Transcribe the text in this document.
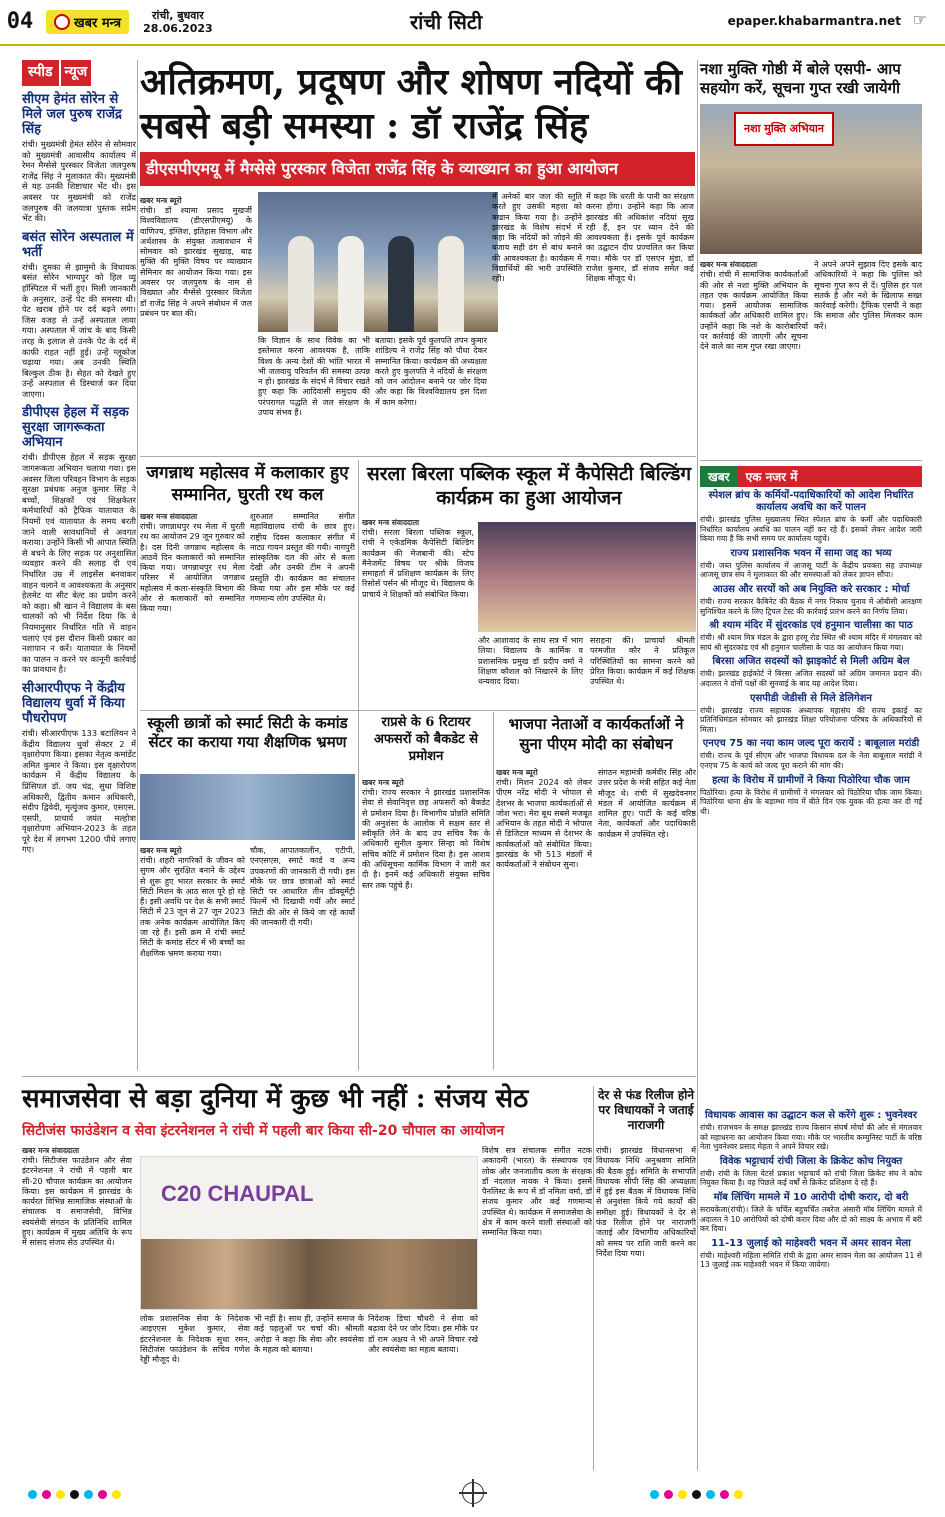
04	खबर मन्त्र
रांची, बुधवार
28.06.2023	रांची सिटी	epaper.khabarmantra.net ☞
स्पीड न्यूज
सीएम हेमंत सोरेन से मिले जल पुरुष राजेंद्र सिंह
रांची। मुख्यमंत्री हेमंत सोरेन से सोमवार को मुख्यमंत्री आवासीय कार्यालय में रेमन मैग्सेसे पुरस्कार विजेता जलपुरुष राजेंद्र सिंह ने मुलाकात की। मुख्यमंत्री से यह उनकी शिष्टाचार भेंट थी। इस अवसर पर मुख्यमंत्री को राजेंद्र जलपुरुष की जलयात्रा पुस्तक सप्रेम भेंट की।
बसंत सोरेन अस्पताल में भर्ती
रांची। दुमका से झामुमो के विधायक बसंत सोरेन भाग्यपुर को हिल व्यू हॉस्पिटल में भर्ती हुए। मिली जानकारी के अनुसार, उन्हें पेट की समस्या थी। पेट खराब होने पर दर्द बढ़ने लगा। जिस वजह से उन्हें अस्पताल लाया गया। अस्पताल में जांच के बाद किसी तरह के इलाज से उनके पेट के दर्द में काफी राहत नहीं हुई। उन्हें ग्लूकोज चढ़ाया गया। अब उनकी स्थिति बिल्कुल ठीक है। सेहत को देखते हुए उन्हें अस्पताल से डिस्चार्ज कर दिया जाएगा।
डीपीएस हेहल में सड़क सुरक्षा जागरूकता अभियान
रांची। डीपीएस हेहल में सड़क सुरक्षा जागरूकता अभियान चलाया गया। इस अवसर जिला परिवहन विभाग के सड़क सुरक्षा प्रबंधक अनुज कुमार सिंह ने बच्चों, शिक्षकों एवं शिक्षकेतर कर्मचारियों को ट्रैफिक यातायात के नियमों एवं यातायात के समय बरती जाने वाली सावधानियों से अवगत कराया। उन्होंने किसी भी आपात स्थिति से बचने के लिए सड़क पर अनुशासित व्यवहार करने की सलाह दी एवं निर्धारित उम्र में लाइसेंस बनवाकर वाहन चलाने व आवश्यकता के अनुसार हेलमेट या सीट बेल्ट का प्रयोग करने को कहा। श्री खान ने विद्यालय के बस चालकों को भी निर्देश दिया कि वे नियमानुसार निर्धारित गति में वाहन चलाएं एवं इस दौरान किसी प्रकार का नशापान न करें। यातायात के नियमों का पालन न करने पर कानूनी कार्रवाई का प्रावधान है।
सीआरपीएफ ने केंद्रीय विद्यालय धुर्वा में किया पौधरोपण
रांची। सीआरपीएफ 133 बटालियन ने केंद्रीय विद्यालय धुर्वा सेक्टर 2 में वृक्षारोपण किया। इसका नेतृत्व कमांडेंट अमित कुमार ने किया। इस वृक्षारोपण कार्यक्रम में केंद्रीय विद्यालय के प्रिंसिपल डॉ. जय चंद्र, सुधा विशिष्ट अधिकारी, द्वितीय कमान अधिकारी, संदीप द्विवेदी, मृत्युंजय कुमार, एसएस. एसपी, प्राचार्य जयंत मल्होत्रा वृक्षारोपण अभियान-2023 के तहत पूरे देश में लगभग 1200 पौधे लगाए गए।
अतिक्रमण, प्रदूषण और शोषण नदियों की सबसे बड़ी समस्या : डॉ राजेंद्र सिंह
डीएसपीएमयू में मैग्सेसे पुरस्कार विजेता राजेंद्र सिंह के व्याख्यान का हुआ आयोजन
खबर मन्त्र ब्यूरो
रांची। डॉ श्यामा प्रसाद मुखर्जी विश्वविद्यालय (डीएसपीएमयू) के वाणिज्य, इंग्लिश, इतिहास विभाग और अर्थशास्त्र के संयुक्त तत्वावधान में सोमवार को झारखंड सुखाड़, बाढ़ मुक्ति की मुक्ति विषय पर व्याख्यान सेमिनार का आयोजन किया गया। इस अवसर पर जलपुरुष के नाम से विख्यात और मैग्सेसे पुरस्कार विजेता डॉ राजेंद्र सिंह ने अपने संबोधन में जल प्रबंधन पर बात की।
कि विज्ञान के साथ विवेक का भी इस्तेमाल करना आवश्यक है, ताकि विश्व के अन्य देशों की भांति भारत में भी जलवायु परिवर्तन की समस्या उत्पन्न न हो। झारखंड के संदर्भ में विचार रखते हुए कहा कि आदिवासी समुदाय की परंपरागत पद्धति से जल संरक्षण के उपाय संभव हैं।
बताया। इसके पूर्व कुलपति तपन कुमार शांडिल्य ने राजेंद्र सिंह को पौधा देकर सम्मानित किया। कार्यक्रम की अध्यक्षता करते हुए कुलपति ने नदियों के संरक्षण को जन आंदोलन बनाने पर जोर दिया और कहा कि विश्वविद्यालय इस दिशा में काम करेगा।
में अनेकों बार जल की स्तुति करते हुए उसकी महत्ता को बखान किया गया है। उन्होंने झारखंड के विशेष संदर्भ में कहा कि नदियों को जोड़ने की बजाय सही ढंग से बांध बनाने की आवश्यकता है। कार्यक्रम में विद्यार्थियों की भारी उपस्थिति रही।
में कहा कि धरती के पानी का संरक्षण करना होगा। उन्होंने कहा कि आज झारखंड की अधिकांश नदियां सूख रही हैं, इन पर ध्यान देने की आवश्यकता है। इसके पूर्व कार्यक्रम का उद्घाटन दीप प्रज्वलित कर किया गया। मौके पर डॉ एसएन मुंडा, डॉ राजेश कुमार, डॉ संजय समेत कई शिक्षक मौजूद थे।
नशा मुक्ति गोष्ठी में बोले एसपी- आप सहयोग करें, सूचना गुप्त रखी जायेगी
नशा मुक्ति अभियान
खबर मन्त्र संवाददाता
रांची। रांची में सामाजिक कार्यकर्ताओं की ओर से नशा मुक्ति अभियान के तहत एक कार्यक्रम आयोजित किया गया। इसमें आयोजक सामाजिक कार्यकर्ता और अधिकारी शामिल हुए। उन्होंने कहा कि नशे के कारोबारियों पर कार्रवाई की जाएगी और सूचना देने वाले का नाम गुप्त रखा जाएगा।
ने अपने अपने सुझाव दिए इसके बाद अधिकारियों ने कहा कि पुलिस को सूचना गुप्त रूप से दें। पुलिस हर पल सतर्क है और नशे के खिलाफ सख्त कार्रवाई करेगी। ट्रैफिक एसपी ने कहा कि समाज और पुलिस मिलकर काम करें।
खबर	एक नजर में
स्पेशल ब्रांच के कर्मियों-पदाधिकारियों को आदेश निर्धारित कार्यालय अवधि का करें पालन
रांची। झारखंड पुलिस मुख्यालय स्थित स्पेशल ब्रांच के कर्मी और पदाधिकारी निर्धारित कार्यालय अवधि का पालन नहीं कर रहे हैं। इसको लेकर आदेश जारी किया गया है कि सभी समय पर कार्यालय पहुंचें।
राज्य प्रशासनिक भवन में सामा जद्द का भव्य
रांची। जब्त पुलिस कार्यालय में आजसू पार्टी के केंद्रीय प्रवक्ता सह उपाध्यक्ष आजसू छात्र संघ ने मुलाकात की और समस्याओं को लेकर ज्ञापन सौंपा।
आउस और सरयों को अब नियुक्ति करे सरकार : मोर्चा
रांची। राज्य सरकार कैबिनेट की बैठक में नगर निकाय चुनाव में ओबीसी आरक्षण सुनिश्चित करने के लिए ट्रिपल टेस्ट की कार्रवाई प्रारंभ करने का निर्णय लिया।
श्री श्याम मंदिर में सुंदरकांड एवं हनुमान चालीसा का पाठ
रांची। श्री श्याम मित्र मंडल के द्वारा हरमू रोड स्थित श्री श्याम मंदिर में मंगलवार को सायं श्री सुंदरकांड एवं श्री हनुमान चालीसा के पाठ का आयोजन किया गया।
बिरसा अजित सदस्यों को झाइकोर्ट से मिली अग्रिम बेल
रांची। झारखंड हाईकोर्ट ने बिरसा अजित सदस्यों को अग्रिम जमानत प्रदान की। अदालत ने दोनों पक्षों की सुनवाई के बाद यह आदेश दिया।
एसपीडी जेडीसी से मिले डेलिगेशन
रांची। झारखंड राज्य सहायक अध्यापक महासंघ की राज्य इकाई का प्रतिनिधिमंडल सोमवार को झारखंड शिक्षा परियोजना परिषद के अधिकारियों से मिला।
एनएच 75 का नया काम जल्द पूरा करायें : बाबूलाल मरांडी
रांची। राज्य के पूर्व सीएम और भाजपा विधायक दल के नेता बाबूलाल मरांडी ने एनएच 75 के कार्य को जल्द पूरा कराने की मांग की।
हत्या के विरोध में ग्रामीणों ने किया पिठोरिया चौक जाम
पिठोरिया। हत्या के विरोध में ग्रामीणों ने मंगलवार को पिठोरिया चौक जाम किया। पिठोरिया थाना क्षेत्र के बड़ाम्भा गांव में बीते दिन एक युवक की हत्या कर दी गई थी।
जगन्नाथ महोत्सव में कलाकार हुए सम्मानित, घुरती रथ कल
खबर मन्त्र संवाददाता
रांची। जगन्नाथपुर रथ मेला में घुरती रथ का आयोजन 29 जून गुरुवार को है। दस दिनी जगन्नाथ महोत्सव के आठवें दिन कलाकारों को सम्मानित किया गया। जगन्नाथपुर रथ मेला परिसर में आयोजित जगन्नाथ महोत्सव में कला-संस्कृति विभाग की ओर से कलाकारों को सम्मानित किया गया।
शुरुआत सम्मानित संगीत महाविद्यालय रांची के छात्र हुए। राष्ट्रीय दिवस कलाकार संगीत में नाट्य गायन प्रस्तुत की गयी। नागपुरी सांस्कृतिक दल की ओर से कला देखी और उनकी टीम ने अपनी प्रस्तुति दी। कार्यक्रम का संचालन किया गया और इस मौके पर कई गणमान्य लोग उपस्थित थे।
सरला बिरला पब्लिक स्कूल में कैपेसिटी बिल्डिंग कार्यक्रम का हुआ आयोजन
खबर मन्त्र संवाददाता
रांची। सरला बिरला पब्लिक स्कूल, रांची ने एकेडमिक कैपेसिटी बिल्डिंग कार्यक्रम की मेजबानी की। स्टेप मैनेजमेंट विषय पर श्रीके विजय समाहर्ता में प्रशिक्षण कार्यक्रम के लिए रिसोर्स पर्सन श्री मौजूद थे। विद्यालय के प्राचार्य ने शिक्षकों को संबोधित किया।
और आशावाद के साथ सत्र में भाग लिया। विद्यालय के कार्मिक व प्रशासनिक प्रमुख डॉ प्रदीप वर्मा ने शिक्षण कौशल को निखारने के लिए धन्यवाद दिया।
सराहना की। प्राचार्या श्रीमती परमजीत कौर ने प्रतिकूल परिस्थितियों का सामना करने को प्रेरित किया। कार्यक्रम में कई शिक्षक उपस्थित थे।
स्कूली छात्रों को स्मार्ट सिटी के कमांड सेंटर का कराया गया शैक्षणिक भ्रमण
खबर मन्त्र ब्यूरो
रांची। शहरी नागरिकों के जीवन को सुगम और सुरक्षित बनाने के उद्देश्य से शुरू हुए भारत सरकार के स्मार्ट सिटी मिशन के आठ साल पूरे हो रहे हैं। इसी अवधि पर देश के सभी स्मार्ट सिटी में 23 जून से 27 जून 2023 तक अनेक कार्यक्रम आयोजित किए जा रहे हैं। इसी क्रम में रांची स्मार्ट सिटी के कमांड सेंटर में भी बच्चों का शैक्षणिक भ्रमण कराया गया।
चौक, आपातकालीन, एटीपी, एनएसएस, स्मार्ट कार्ड व अन्य उपकरणों की जानकारी दी गयी। इस मौके पर छात्र छात्राओं को स्मार्ट सिटी पर आधारित तीन डॉक्यूमेंट्री फिल्में भी दिखायी गयीं और स्मार्ट सिटी की ओर से किये जा रहे कार्यों की जानकारी दी गयी।
राप्रसे के 6 रिटायर अफसरों को बैकडेट से प्रमोशन
खबर मन्त्र ब्यूरो
रांची। राज्य सरकार ने झारखंड प्रशासनिक सेवा से सेवानिवृत्त छह अफसरों को बैकडेट से प्रमोशन दिया है। विभागीय प्रोन्नति समिति की अनुशंसा के आलोक में सक्षम स्तर से स्वीकृति लेने के बाद उप सचिव रैंक के अधिकारी सुनील कुमार सिन्हा को विशेष सचिव कोटि में प्रमोशन दिया है। इस आशय की अधिसूचना कार्मिक विभाग ने जारी कर दी है। इनमें कई अधिकारी संयुक्त सचिव स्तर तक पहुंचे हैं।
भाजपा नेताओं व कार्यकर्ताओं ने सुना पीएम मोदी का संबोधन
खबर मन्त्र ब्यूरो
रांची। मिशन 2024 को लेकर पीएम नरेंद्र मोदी ने भोपाल से देशभर के भाजपा कार्यकर्ताओं से जोश भरा। मेरा बूथ सबसे मजबूत अभियान के तहत मोदी ने भोपाल से डिजिटल माध्यम से देशभर के कार्यकर्ताओं को संबोधित किया। झारखंड के भी 513 मंडलों में कार्यकर्ताओं ने संबोधन सुना।
संगठन महामंत्री कर्मवीर सिंह और उत्तर प्रदेश के मंत्री सहित कई नेता मौजूद थे। रांची में सुखदेवनगर मंडल में आयोजित कार्यक्रम में शामिल हुए। पार्टी के कई वरिष्ठ नेता, कार्यकर्ता और पदाधिकारी कार्यक्रम में उपस्थित रहे।
समाजसेवा से बड़ा दुनिया में कुछ भी नहीं : संजय सेठ
सिटीजंस फाउंडेशन व सेवा इंटरनेशनल ने रांची में पहली बार किया सी-20 चौपाल का आयोजन
खबर मन्त्र संवाददाता
रांची। सिटीजंस फाउंडेशन और सेवा इंटरनेशनल ने रांची में पहली बार सी-20 चौपाल कार्यक्रम का आयोजन किया। इस कार्यक्रम में झारखंड के कार्यरत विभिन्न सामाजिक संस्थाओं के संचालक व समाजसेवी, विभिन्न स्वयंसेवी संगठन के प्रतिनिधि शामिल हुए। कार्यक्रम में मुख्य अतिथि के रूप में सांसद संजय सेठ उपस्थित थे।
C20 CHAUPAL
लोक प्रशासनिक सेवा के निदेशक आइएएस मुकेश कुमार, सेवा इंटरनेशनल के निदेशक सुधा रमन, सिटीजंस फाउंडेशन के सचिव गणेश रेड्डी मौजूद थे।
भी नहीं है। साथ ही, उन्होंने समाज के कई पहलुओं पर चर्चा की। श्रीमती अरोड़ा ने कहा कि सेवा और स्वयंसेवा के महत्व को बताया।
निदेशक डिचा चौधरी ने सेवा को बढ़ावा देने पर जोर दिया। इस मौके पर डॉ राम अक्षय ने भी अपने विचार रखे और स्वयंसेवा का महत्व बताया।
विशेष सत्र संचालक संगीत नटक अकादमी (भारत) के संस्थापक एवं लोक और जनजातीय कला के संरक्षक डॉ नंदलाल नायक ने किया। इसमें पैनलिस्ट के रूप में डॉ नमिता वर्मा, डॉ संजय कुमार और कई गणमान्य उपस्थित थे। कार्यक्रम में समाजसेवा के क्षेत्र में काम करने वाली संस्थाओं को सम्मानित किया गया।
देर से फंड रिलीज होने पर विधायकों ने जताई नाराजगी
रांची। झारखंड विधानसभा में विधायक निधि अनुश्रवण समिति की बैठक हुई। समिति के सभापति विधायक सीपी सिंह की अध्यक्षता में हुई इस बैठक में विधायक निधि से अनुशंसा किये गये कार्यों की समीक्षा हुई। विधायकों ने देर से फंड रिलीज होने पर नाराजगी जताई और विभागीय अधिकारियों को समय पर राशि जारी करने का निर्देश दिया गया।
विधायक आवास का उद्घाटन कल से करेंगे शुरू : भुवनेश्वर
रांची। राजभवन के समक्ष झारखंड राज्य किसान संघर्ष मोर्चा की ओर से मंगलवार को महाधरना का आयोजन किया गया। मौके पर भारतीय कम्युनिस्ट पार्टी के वरिष्ठ नेता भुवनेश्वर प्रसाद मेहता ने अपने विचार रखे।
विवेक भट्टाचार्य रांची जिला के क्रिकेट कोच नियुक्त
रांची। रांची के जिला वेटर्स प्रकाश भट्टाचार्य को रांची जिला क्रिकेट संघ ने कोच नियुक्त किया है। वह पिछले कई वर्षों से क्रिकेट प्रशिक्षण दे रहे हैं।
मॉब लिंचिंग मामले में 10 आरोपी दोषी करार, दो बरी
सरायकेला(रांची)। जिले के चर्चित बहुचर्चित तबरेज अंसारी मॉब लिंचिंग मामले में अदालत ने 10 आरोपियों को दोषी करार दिया और दो को साक्ष्य के अभाव में बरी कर दिया।
11-13 जुलाई को माहेश्वरी भवन में अमर सावन मेला
रांची। माहेश्वरी महिला समिति रांची के द्वारा अमर सावन मेला का आयोजन 11 से 13 जुलाई तक माहेश्वरी भवन में किया जायेगा।
